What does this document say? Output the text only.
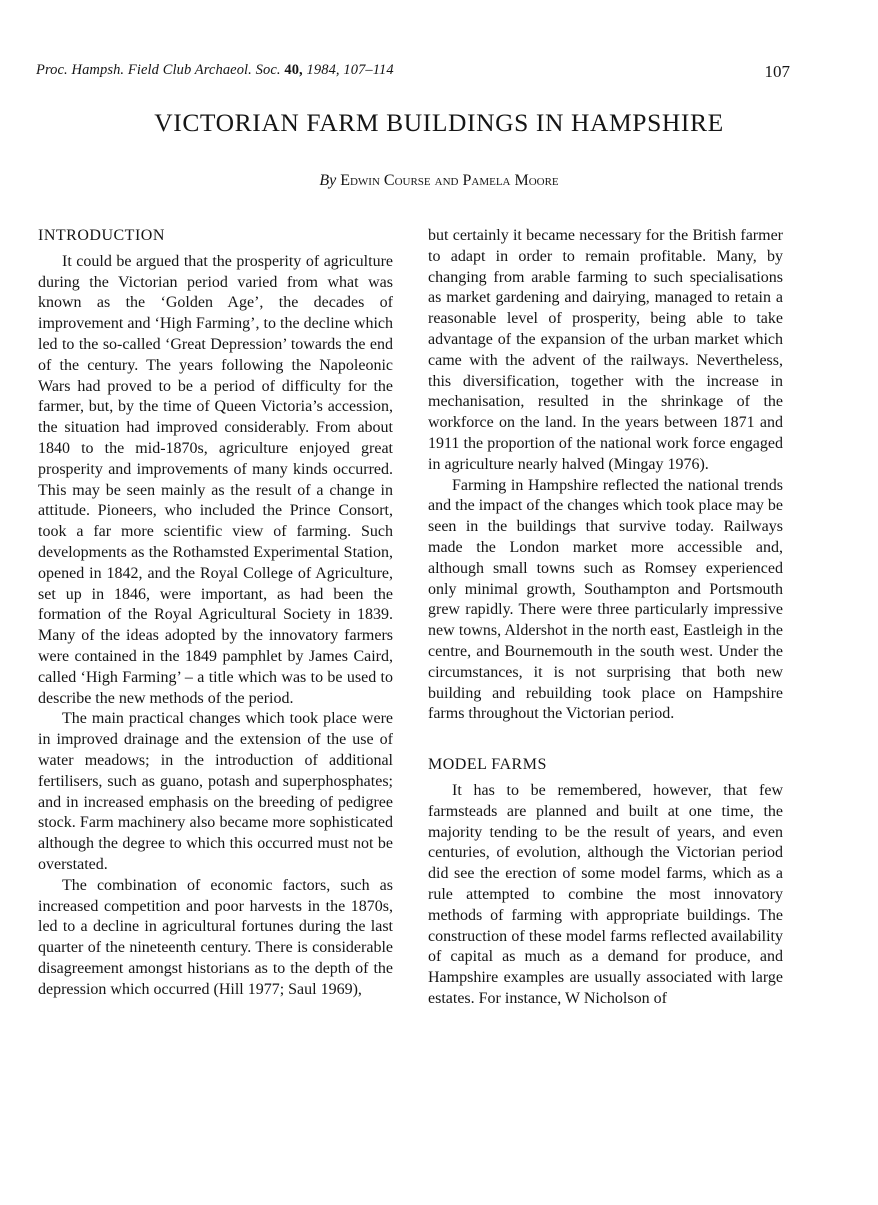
Proc. Hampsh. Field Club Archaeol. Soc. 40, 1984, 107–114	107
VICTORIAN FARM BUILDINGS IN HAMPSHIRE
By Edwin Course and Pamela Moore
INTRODUCTION

It could be argued that the prosperity of agriculture during the Victorian period varied from what was known as the ‘Golden Age’, the decades of improvement and ‘High Farming’, to the decline which led to the so-called ‘Great Depression’ towards the end of the century. The years following the Napoleonic Wars had proved to be a period of difficulty for the farmer, but, by the time of Queen Victoria’s accession, the situation had improved considerably. From about 1840 to the mid-1870s, agriculture enjoyed great prosperity and improvements of many kinds occurred. This may be seen mainly as the result of a change in attitude. Pioneers, who included the Prince Consort, took a far more scientific view of farming. Such developments as the Rothamsted Experimental Station, opened in 1842, and the Royal College of Agriculture, set up in 1846, were important, as had been the formation of the Royal Agricultural Society in 1839. Many of the ideas adopted by the innovatory farmers were contained in the 1849 pamphlet by James Caird, called ‘High Farming’ – a title which was to be used to describe the new methods of the period.

The main practical changes which took place were in improved drainage and the extension of the use of water meadows; in the introduction of additional fertilisers, such as guano, potash and superphosphates; and in increased emphasis on the breeding of pedigree stock. Farm machinery also became more sophisticated although the degree to which this occurred must not be overstated.

The combination of economic factors, such as increased competition and poor harvests in the 1870s, led to a decline in agricultural fortunes during the last quarter of the nineteenth century. There is considerable disagreement amongst historians as to the depth of the depression which occurred (Hill 1977; Saul 1969),

but certainly it became necessary for the British farmer to adapt in order to remain profitable. Many, by changing from arable farming to such specialisations as market gardening and dairying, managed to retain a reasonable level of prosperity, being able to take advantage of the expansion of the urban market which came with the advent of the railways. Nevertheless, this diversification, together with the increase in mechanisation, resulted in the shrinkage of the workforce on the land. In the years between 1871 and 1911 the proportion of the national work force engaged in agriculture nearly halved (Mingay 1976).

Farming in Hampshire reflected the national trends and the impact of the changes which took place may be seen in the buildings that survive today. Railways made the London market more accessible and, although small towns such as Romsey experienced only minimal growth, Southampton and Portsmouth grew rapidly. There were three particularly impressive new towns, Aldershot in the north east, Eastleigh in the centre, and Bournemouth in the south west. Under the circumstances, it is not surprising that both new building and rebuilding took place on Hampshire farms throughout the Victorian period.

MODEL FARMS

It has to be remembered, however, that few farmsteads are planned and built at one time, the majority tending to be the result of years, and even centuries, of evolution, although the Victorian period did see the erection of some model farms, which as a rule attempted to combine the most innovatory methods of farming with appropriate buildings. The construction of these model farms reflected availability of capital as much as a demand for produce, and Hampshire examples are usually associated with large estates. For instance, W Nicholson of
